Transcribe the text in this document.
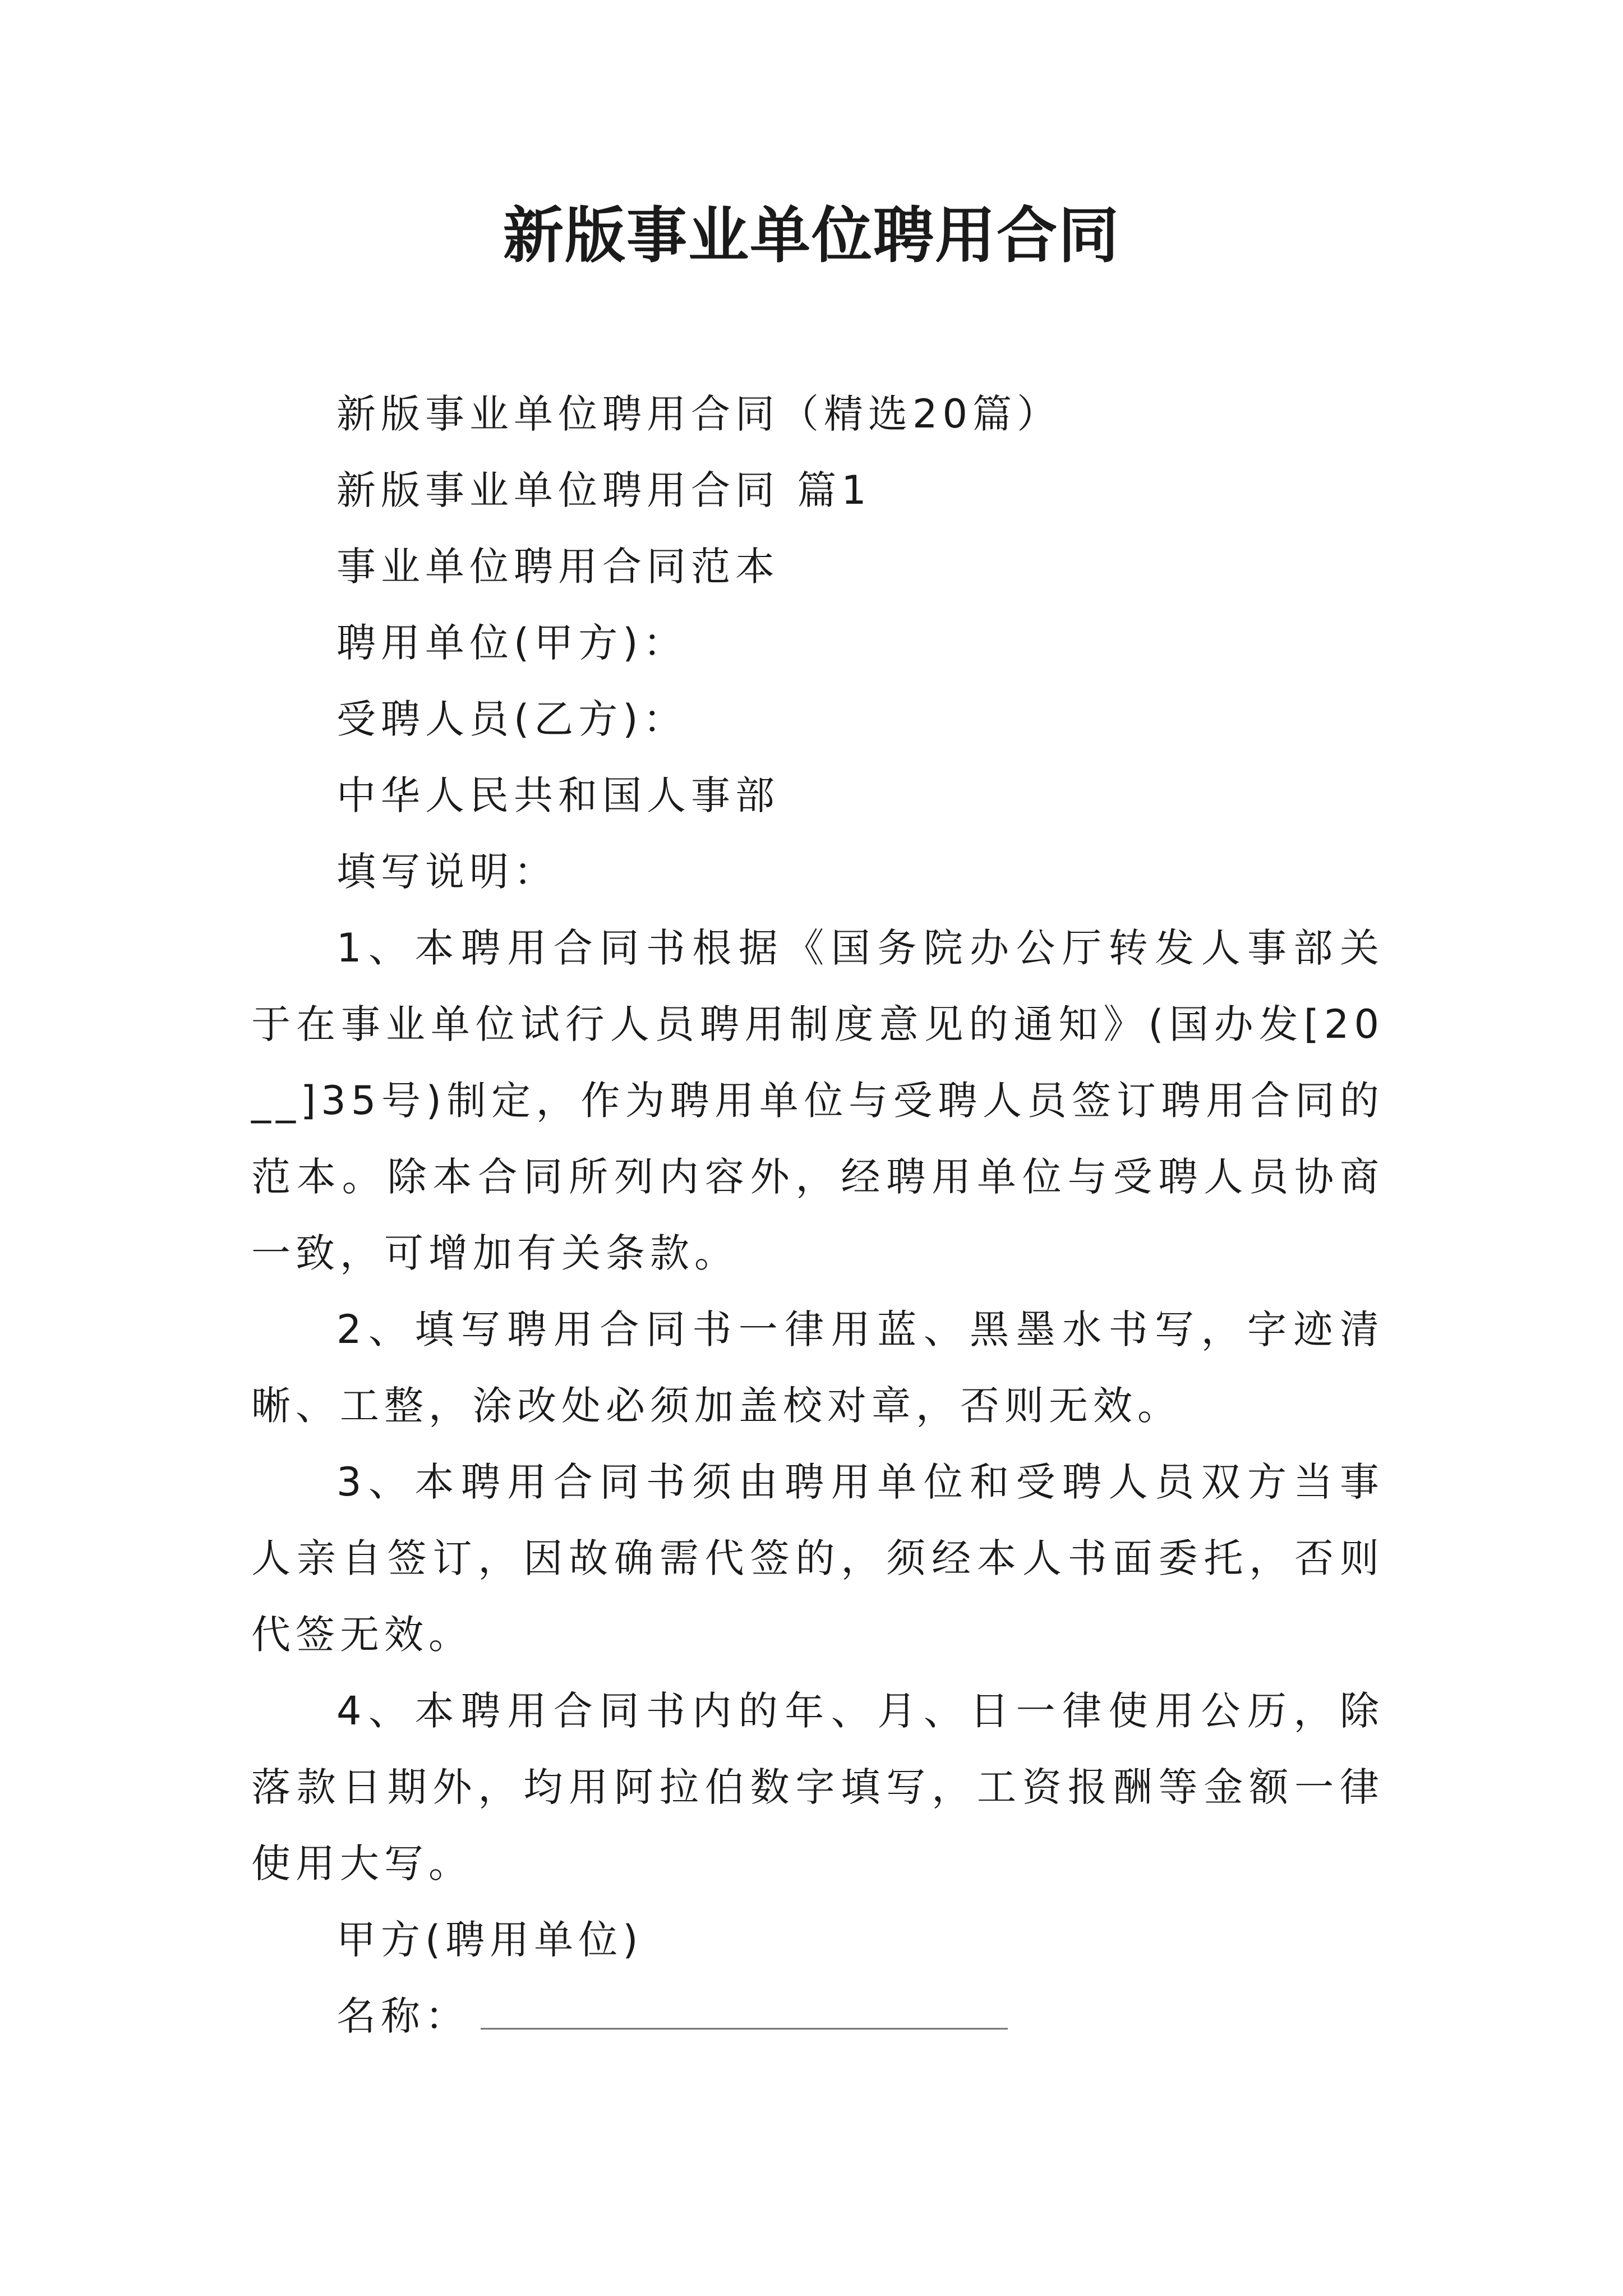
新版事业单位聘用合同

新版事业单位聘用合同（精选20篇）

新版事业单位聘用合同 篇1

事业单位聘用合同范本

聘用单位(甲方)：

受聘人员(乙方)：

中华人民共和国人事部

填写说明：

1、本聘用合同书根据《国务院办公厅转发人事部关于在事业单位试行人员聘用制度意见的通知》(国办发[20__]35号)制定，作为聘用单位与受聘人员签订聘用合同的范本。除本合同所列内容外，经聘用单位与受聘人员协商一致，可增加有关条款。

2、填写聘用合同书一律用蓝、黑墨水书写，字迹清晰、工整，涂改处必须加盖校对章，否则无效。

3、本聘用合同书须由聘用单位和受聘人员双方当事人亲自签订，因故确需代签的，须经本人书面委托，否则代签无效。

4、本聘用合同书内的年、月、日一律使用公历，除落款日期外，均用阿拉伯数字填写，工资报酬等金额一律使用大写。

甲方(聘用单位)

名称：
